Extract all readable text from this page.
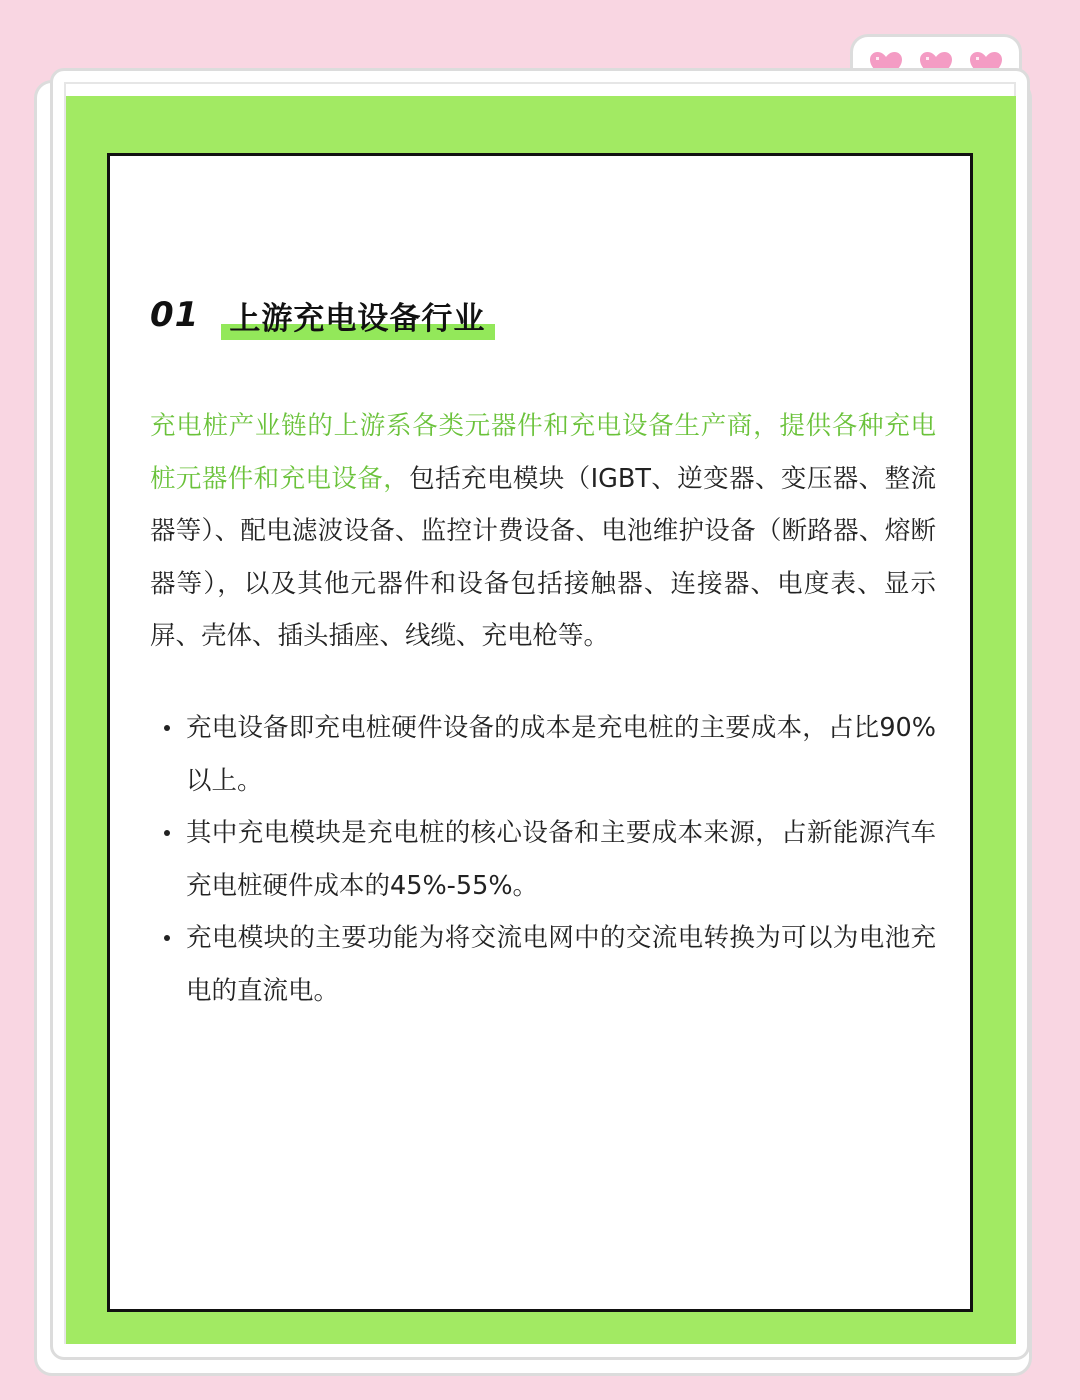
01 上游充电设备行业

充电桩产业链的上游系各类元器件和充电设备生产商，提供各种充电桩元器件和充电设备，包括充电模块（IGBT、逆变器、变压器、整流器等）、配电滤波设备、监控计费设备、电池维护设备（断路器、熔断器等），以及其他元器件和设备包括接触器、连接器、电度表、显示屏、壳体、插头插座、线缆、充电枪等。

充电设备即充电桩硬件设备的成本是充电桩的主要成本，占比90%以上。
其中充电模块是充电桩的核心设备和主要成本来源，占新能源汽车充电桩硬件成本的45%-55%。
充电模块的主要功能为将交流电网中的交流电转换为可以为电池充电的直流电。
